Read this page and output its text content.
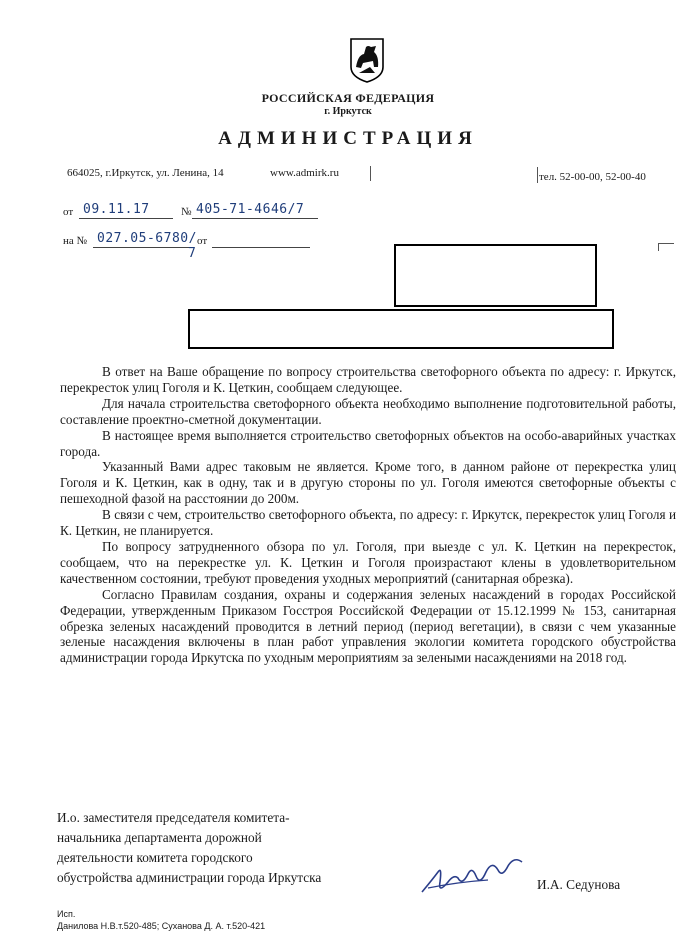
РОССИЙСКАЯ ФЕДЕРАЦИЯ
г. Иркутск
АДМИНИСТРАЦИЯ
664025, г.Иркутск, ул. Ленина, 14	www.admirk.ru	тел. 52-00-00, 52-00-40
от 09.11.17	№ 405-71-4646/7
на № 027.05-6780/
7
от

В ответ на Ваше обращение по вопросу строительства светофорного объекта по адресу: г. Иркутск, перекресток улиц Гоголя и К. Цеткин, сообщаем следующее.

Для начала строительства светофорного объекта необходимо выполнение подготовительной работы, составление проектно-сметной документации.

В настоящее время выполняется строительство светофорных объектов на особо-аварийных участках города.

Указанный Вами адрес таковым не является. Кроме того, в данном районе от перекрестка улиц Гоголя и К. Цеткин, как в одну, так и в другую стороны по ул. Гоголя имеются светофорные объекты с пешеходной фазой на расстоянии до 200м.

В связи с чем, строительство светофорного объекта, по адресу: г. Иркутск, перекресток улиц Гоголя и К. Цеткин, не планируется.

По вопросу затрудненного обзора по ул. Гоголя, при выезде с ул. К. Цеткин на перекресток, сообщаем, что на перекрестке ул. К. Цеткин и Гоголя произрастают клены в удовлетворительном качественном состоянии, требуют проведения уходных мероприятий (санитарная обрезка).

Согласно Правилам создания, охраны и содержания зеленых насаждений в городах Российской Федерации, утвержденным Приказом Госстроя Российской Федерации от 15.12.1999 № 153, санитарная обрезка зеленых насаждений проводится в летний период (период вегетации), в связи с чем указанные зеленые насаждения включены в план работ управления экологии комитета городского обустройства администрации города Иркутска по уходным мероприятиям за зелеными насаждениями на 2018 год.

И.о. заместителя председателя комитета-
начальника департамента дорожной
деятельности комитета городского
обустройства администрации города Иркутска	И.А. Седунова
Исп.
Данилова Н.В.т.520-485; Суханова Д. А. т.520-421
